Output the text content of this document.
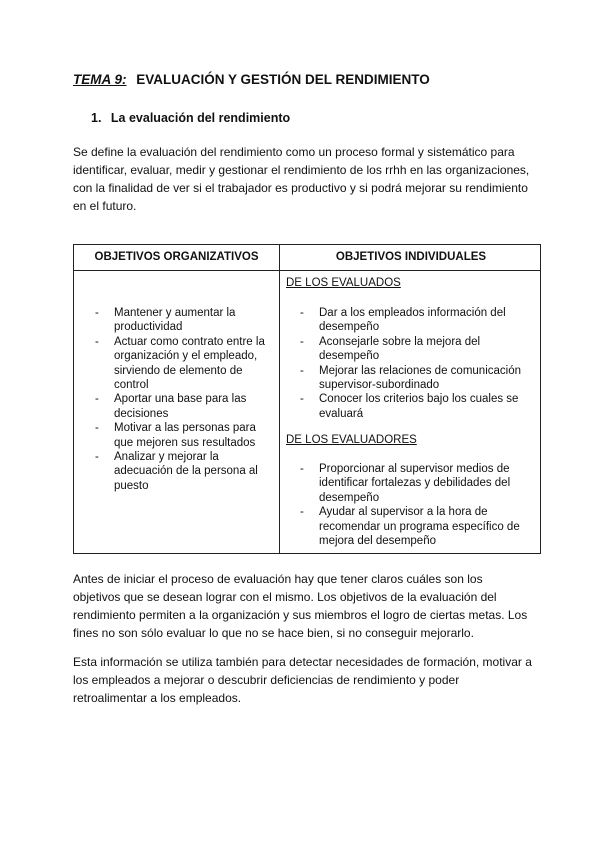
TEMA 9: EVALUACIÓN Y GESTIÓN DEL RENDIMIENTO
1. La evaluación del rendimiento
Se define la evaluación del rendimiento como un proceso formal y sistemático para identificar, evaluar, medir y gestionar el rendimiento de los rrhh en las organizaciones, con la finalidad de ver si el trabajador es productivo y si podrá mejorar su rendimiento en el futuro.
OBJETIVOS ORGANIZATIVOS	OBJETIVOS INDIVIDUALES
- Mantener y aumentar la productividad
- Actuar como contrato entre la organización y el empleado, sirviendo de elemento de control
- Aportar una base para las decisiones
- Motivar a las personas para que mejoren sus resultados
- Analizar y mejorar la adecuación de la persona al puesto
DE LOS EVALUADOS
- Dar a los empleados información del desempeño
- Aconsejarle sobre la mejora del desempeño
- Mejorar las relaciones de comunicación supervisor-subordinado
- Conocer los criterios bajo los cuales se evaluará
DE LOS EVALUADORES
- Proporcionar al supervisor medios de identificar fortalezas y debilidades del desempeño
- Ayudar al supervisor a la hora de recomendar un programa específico de mejora del desempeño
Antes de iniciar el proceso de evaluación hay que tener claros cuáles son los objetivos que se desean lograr con el mismo. Los objetivos de la evaluación del rendimiento permiten a la organización y sus miembros el logro de ciertas metas. Los fines no son sólo evaluar lo que no se hace bien, si no conseguir mejorarlo.
Esta información se utiliza también para detectar necesidades de formación, motivar a los empleados a mejorar o descubrir deficiencias de rendimiento y poder retroalimentar a los empleados.
